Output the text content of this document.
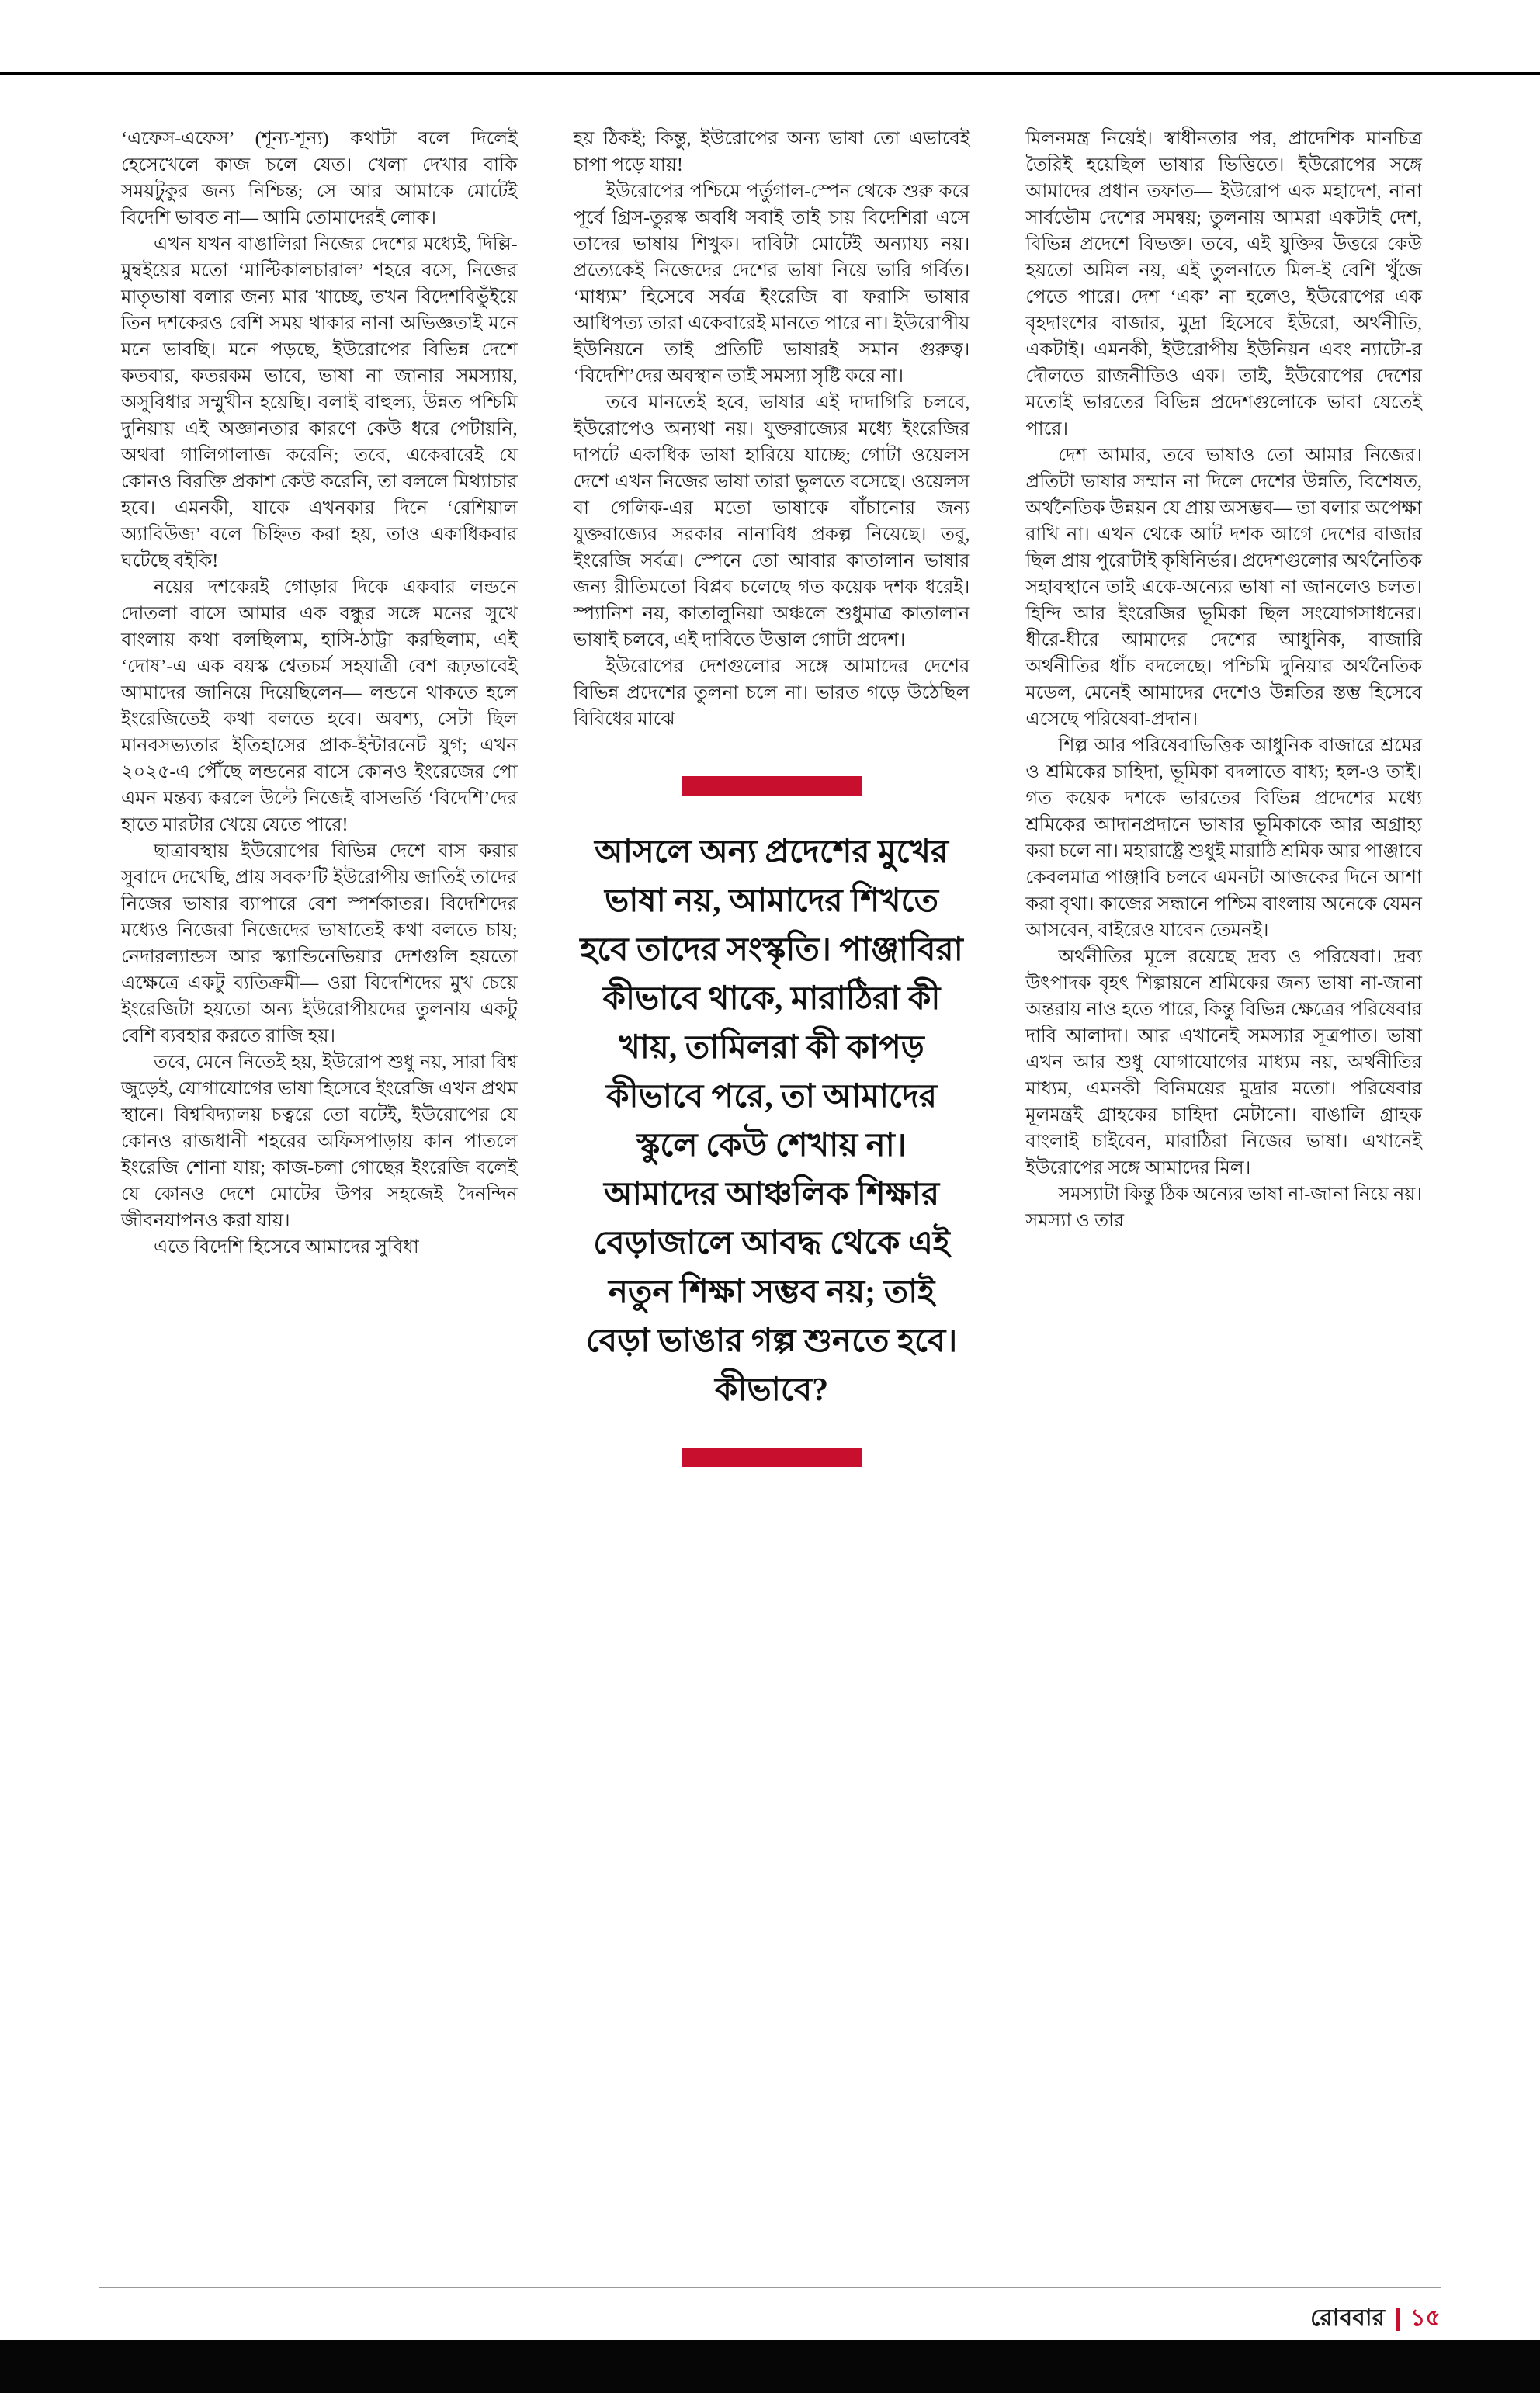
‘এফেস-এফেস’ (শূন্য-শূন্য) কথাটা বলে দিলেই হেসেখেলে কাজ চলে যেত। খেলা দেখার বাকি সময়টুকুর জন্য নিশ্চিন্ত; সে আর আমাকে মোটেই বিদেশি ভাবত না— আমি তোমাদেরই লোক।

এখন যখন বাঙালিরা নিজের দেশের মধ্যেই, দিল্লি-মুম্বইয়ের মতো ‘মাল্টিকালচারাল’ শহরে বসে, নিজের মাতৃভাষা বলার জন্য মার খাচ্ছে, তখন বিদেশবিভুঁইয়ে তিন দশকেরও বেশি সময় থাকার নানা অভিজ্ঞতাই মনে মনে ভাবছি। মনে পড়ছে, ইউরোপের বিভিন্ন দেশে কতবার, কতরকম ভাবে, ভাষা না জানার সমস্যায়, অসুবিধার সম্মুখীন হয়েছি। বলাই বাহুল্য, উন্নত পশ্চিমি দুনিয়ায় এই অজ্ঞানতার কারণে কেউ ধরে পেটায়নি, অথবা গালিগালাজ করেনি; তবে, একেবারেই যে কোনও বিরক্তি প্রকাশ কেউ করেনি, তা বললে মিথ্যাচার হবে। এমনকী, যাকে এখনকার দিনে ‘রেশিয়াল অ্যাবিউজ’ বলে চিহ্নিত করা হয়, তাও একাধিকবার ঘটেছে বইকি!

নয়ের দশকেরই গোড়ার দিকে একবার লন্ডনে দোতলা বাসে আমার এক বন্ধুর সঙ্গে মনের সুখে বাংলায় কথা বলছিলাম, হাসি-ঠাট্টা করছিলাম, এই ‘দোষ’-এ এক বয়স্ক শ্বেতচর্ম সহযাত্রী বেশ রূঢ়ভাবেই আমাদের জানিয়ে দিয়েছিলেন— লন্ডনে থাকতে হলে ইংরেজিতেই কথা বলতে হবে। অবশ্য, সেটা ছিল মানবসভ্যতার ইতিহাসের প্রাক-ইন্টারনেট যুগ; এখন ২০২৫-এ পৌঁছে লন্ডনের বাসে কোনও ইংরেজের পো এমন মন্তব্য করলে উল্টে নিজেই বাসভর্তি ‘বিদেশি’দের হাতে মারটার খেয়ে যেতে পারে!

ছাত্রাবস্থায় ইউরোপের বিভিন্ন দেশে বাস করার সুবাদে দেখেছি, প্রায় সবক’টি ইউরোপীয় জাতিই তাদের নিজের ভাষার ব্যাপারে বেশ স্পর্শকাতর। বিদেশিদের মধ্যেও নিজেরা নিজেদের ভাষাতেই কথা বলতে চায়; নেদারল্যান্ডস আর স্ক্যান্ডিনেভিয়ার দেশগুলি হয়তো এক্ষেত্রে একটু ব্যতিক্রমী— ওরা বিদেশিদের মুখ চেয়ে ইংরেজিটা হয়তো অন্য ইউরোপীয়দের তুলনায় একটু বেশি ব্যবহার করতে রাজি হয়।

তবে, মেনে নিতেই হয়, ইউরোপ শুধু নয়, সারা বিশ্ব জুড়েই, যোগাযোগের ভাষা হিসেবে ইংরেজি এখন প্রথম স্থানে। বিশ্ববিদ্যালয় চত্বরে তো বটেই, ইউরোপের যে কোনও রাজধানী শহরের অফিসপাড়ায় কান পাতলে ইংরেজি শোনা যায়; কাজ-চলা গোছের ইংরেজি বলেই যে কোনও দেশে মোটের উপর সহজেই দৈনন্দিন জীবনযাপনও করা যায়।

এতে বিদেশি হিসেবে আমাদের সুবিধা

হয় ঠিকই; কিন্তু, ইউরোপের অন্য ভাষা তো এভাবেই চাপা পড়ে যায়!

ইউরোপের পশ্চিমে পর্তুগাল-স্পেন থেকে শুরু করে পূর্বে গ্রিস-তুরস্ক অবধি সবাই তাই চায় বিদেশিরা এসে তাদের ভাষায় শিখুক। দাবিটা মোটেই অন্যায্য নয়। প্রত্যেকেই নিজেদের দেশের ভাষা নিয়ে ভারি গর্বিত। ‘মাধ্যম’ হিসেবে সর্বত্র ইংরেজি বা ফরাসি ভাষার আধিপত্য তারা একেবারেই মানতে পারে না। ইউরোপীয় ইউনিয়নে তাই প্রতিটি ভাষারই সমান গুরুত্ব। ‘বিদেশি’দের অবস্থান তাই সমস্যা সৃষ্টি করে না।

তবে মানতেই হবে, ভাষার এই দাদাগিরি চলবে, ইউরোপেও অন্যথা নয়। যুক্তরাজ্যের মধ্যে ইংরেজির দাপটে একাধিক ভাষা হারিয়ে যাচ্ছে; গোটা ওয়েলস দেশে এখন নিজের ভাষা তারা ভুলতে বসেছে। ওয়েলস বা গেলিক-এর মতো ভাষাকে বাঁচানোর জন্য যুক্তরাজ্যের সরকার নানাবিধ প্রকল্প নিয়েছে। তবু, ইংরেজি সর্বত্র। স্পেনে তো আবার কাতালান ভাষার জন্য রীতিমতো বিপ্লব চলেছে গত কয়েক দশক ধরেই। স্প্যানিশ নয়, কাতালুনিয়া অঞ্চলে শুধুমাত্র কাতালান ভাষাই চলবে, এই দাবিতে উত্তাল গোটা প্রদেশ।

ইউরোপের দেশগুলোর সঙ্গে আমাদের দেশের বিভিন্ন প্রদেশের তুলনা চলে না। ভারত গড়ে উঠেছিল বিবিধের মাঝে

আসলে অন্য প্রদেশের মুখের ভাষা নয়, আমাদের শিখতে হবে তাদের সংস্কৃতি। পাঞ্জাবিরা কীভাবে থাকে, মারাঠিরা কী খায়, তামিলরা কী কাপড় কীভাবে পরে, তা আমাদের স্কুলে কেউ শেখায় না। আমাদের আঞ্চলিক শিক্ষার বেড়াজালে আবদ্ধ থেকে এই নতুন শিক্ষা সম্ভব নয়; তাই বেড়া ভাঙার গল্প শুনতে হবে। কীভাবে?

মিলনমন্ত্র নিয়েই। স্বাধীনতার পর, প্রাদেশিক মানচিত্র তৈরিই হয়েছিল ভাষার ভিত্তিতে। ইউরোপের সঙ্গে আমাদের প্রধান তফাত— ইউরোপ এক মহাদেশ, নানা সার্বভৌম দেশের সমন্বয়; তুলনায় আমরা একটাই দেশ, বিভিন্ন প্রদেশে বিভক্ত। তবে, এই যুক্তির উত্তরে কেউ হয়তো অমিল নয়, এই তুলনাতে মিল-ই বেশি খুঁজে পেতে পারে। দেশ ‘এক’ না হলেও, ইউরোপের এক বৃহদাংশের বাজার, মুদ্রা হিসেবে ইউরো, অর্থনীতি, একটাই। এমনকী, ইউরোপীয় ইউনিয়ন এবং ন্যাটো-র দৌলতে রাজনীতিও এক। তাই, ইউরোপের দেশের মতোই ভারতের বিভিন্ন প্রদেশগুলোকে ভাবা যেতেই পারে।

দেশ আমার, তবে ভাষাও তো আমার নিজের। প্রতিটা ভাষার সম্মান না দিলে দেশের উন্নতি, বিশেষত, অর্থনৈতিক উন্নয়ন যে প্রায় অসম্ভব— তা বলার অপেক্ষা রাখি না। এখন থেকে আট দশক আগে দেশের বাজার ছিল প্রায় পুরোটাই কৃষিনির্ভর। প্রদেশগুলোর অর্থনৈতিক সহাবস্থানে তাই একে-অন্যের ভাষা না জানলেও চলত। হিন্দি আর ইংরেজির ভূমিকা ছিল সংযোগসাধনের। ধীরে-ধীরে আমাদের দেশের আধুনিক, বাজারি অর্থনীতির ধাঁচ বদলেছে। পশ্চিমি দুনিয়ার অর্থনৈতিক মডেল, মেনেই আমাদের দেশেও উন্নতির স্তম্ভ হিসেবে এসেছে পরিষেবা-প্রদান।

শিল্প আর পরিষেবাভিত্তিক আধুনিক বাজারে শ্রমের ও শ্রমিকের চাহিদা, ভূমিকা বদলাতে বাধ্য; হল-ও তাই। গত কয়েক দশকে ভারতের বিভিন্ন প্রদেশের মধ্যে শ্রমিকের আদানপ্রদানে ভাষার ভূমিকাকে আর অগ্রাহ্য করা চলে না। মহারাষ্ট্রে শুধুই মারাঠি শ্রমিক আর পাঞ্জাবে কেবলমাত্র পাঞ্জাবি চলবে এমনটা আজকের দিনে আশা করা বৃথা। কাজের সন্ধানে পশ্চিম বাংলায় অনেকে যেমন আসবেন, বাইরেও যাবেন তেমনই।

অর্থনীতির মূলে রয়েছে দ্রব্য ও পরিষেবা। দ্রব্য উৎপাদক বৃহৎ শিল্পায়নে শ্রমিকের জন্য ভাষা না-জানা অন্তরায় নাও হতে পারে, কিন্তু বিভিন্ন ক্ষেত্রের পরিষেবার দাবি আলাদা। আর এখানেই সমস্যার সূত্রপাত। ভাষা এখন আর শুধু যোগাযোগের মাধ্যম নয়, অর্থনীতির মাধ্যম, এমনকী বিনিময়ের মুদ্রার মতো। পরিষেবার মূলমন্ত্রই গ্রাহকের চাহিদা মেটানো। বাঙালি গ্রাহক বাংলাই চাইবেন, মারাঠিরা নিজের ভাষা। এখানেই ইউরোপের সঙ্গে আমাদের মিল।

সমস্যাটা কিন্তু ঠিক অন্যের ভাষা না-জানা নিয়ে নয়। সমস্যা ও তার

রোববার ১৫
